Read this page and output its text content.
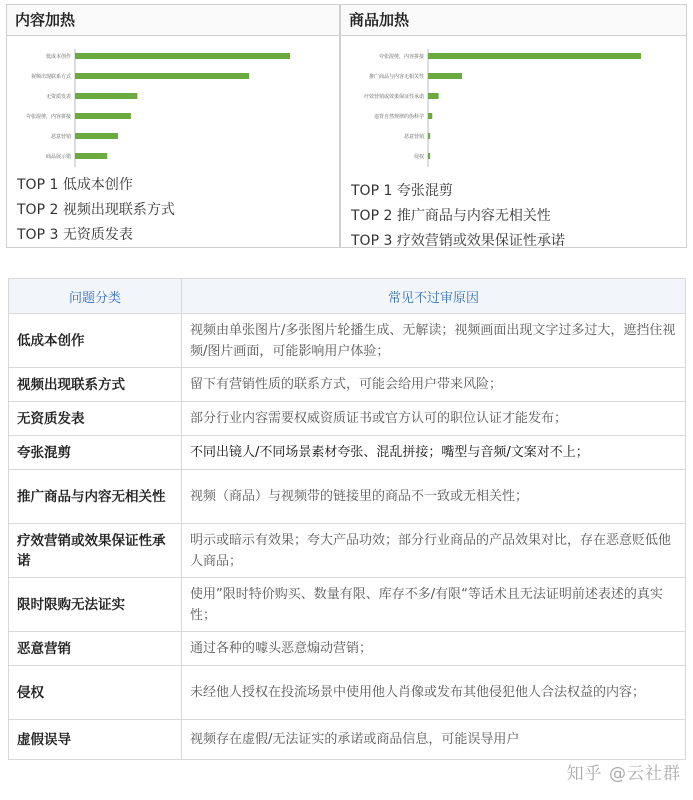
内容加热
低成本创作
视频出现联系方式
无资质发表
夸张混剪，内容拼接
恶意营销
商品展示错
TOP 1 低成本创作
TOP 2 视频出现联系方式
TOP 3 无资质发表
商品加热
夸张混剪，内容拼接
推广商品与内容无相关性
疗效营销或效果保证性承诺
违背自然规律的伪科学
恶意营销
侵权
TOP 1 夸张混剪
TOP 2 推广商品与内容无相关性
TOP 3 疗效营销或效果保证性承诺
问题分类	常见不过审原因
低成本创作	视频由单张图片/多张图片轮播生成、无解读；视频画面出现文字过多过大，遮挡住视频/图片画面，可能影响用户体验；
视频出现联系方式	留下有营销性质的联系方式，可能会给用户带来风险；
无资质发表	部分行业内容需要权威资质证书或官方认可的职位认证才能发布；
夸张混剪	不同出镜人/不同场景素材夸张、混乱拼接；嘴型与音频/文案对不上；
推广商品与内容无相关性	视频（商品）与视频带的链接里的商品不一致或无相关性；
疗效营销或效果保证性承诺	明示或暗示有效果；夸大产品功效；部分行业商品的产品效果对比，存在恶意贬低他人商品；
限时限购无法证实	使用”限时特价购买、数量有限、库存不多/有限“等话术且无法证明前述表述的真实性；
恶意营销	通过各种的噱头恶意煽动营销；
侵权	未经他人授权在投流场景中使用他人肖像或发布其他侵犯他人合法权益的内容；
虚假误导	视频存在虚假/无法证实的承诺或商品信息，可能误导用户
知乎 @云社群
